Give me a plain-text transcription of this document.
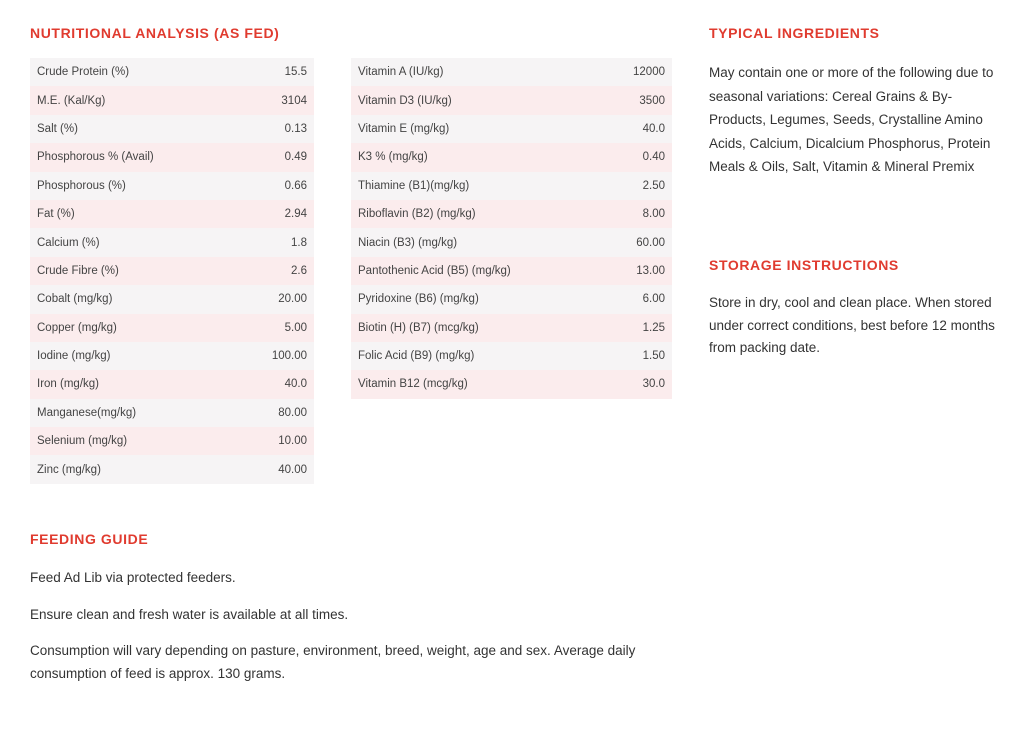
NUTRITIONAL ANALYSIS (AS FED)
Crude Protein (%)	15.5
M.E. (Kal/Kg)	3104
Salt (%)	0.13
Phosphorous % (Avail)	0.49
Phosphorous (%)	0.66
Fat (%)	2.94
Calcium (%)	1.8
Crude Fibre (%)	2.6
Cobalt (mg/kg)	20.00
Copper (mg/kg)	5.00
Iodine (mg/kg)	100.00
Iron (mg/kg)	40.0
Manganese(mg/kg)	80.00
Selenium (mg/kg)	10.00
Zinc (mg/kg)	40.00
Vitamin A (IU/kg)	12000
Vitamin D3 (IU/kg)	3500
Vitamin E (mg/kg)	40.0
K3 % (mg/kg)	0.40
Thiamine (B1)(mg/kg)	2.50
Riboflavin (B2) (mg/kg)	8.00
Niacin (B3) (mg/kg)	60.00
Pantothenic Acid (B5) (mg/kg)	13.00
Pyridoxine (B6) (mg/kg)	6.00
Biotin (H) (B7) (mcg/kg)	1.25
Folic Acid (B9) (mg/kg)	1.50
Vitamin B12 (mcg/kg)	30.0
TYPICAL INGREDIENTS

May contain one or more of the following due to seasonal variations: Cereal Grains & By-Products, Legumes, Seeds, Crystalline Amino Acids, Calcium, Dicalcium Phosphorus, Protein Meals & Oils, Salt, Vitamin & Mineral Premix

STORAGE INSTRUCTIONS

Store in dry, cool and clean place. When stored under correct conditions, best before 12 months from packing date.

FEEDING GUIDE

Feed Ad Lib via protected feeders.

Ensure clean and fresh water is available at all times.

Consumption will vary depending on pasture, environment, breed, weight, age and sex. Average daily consumption of feed is approx. 130 grams.
